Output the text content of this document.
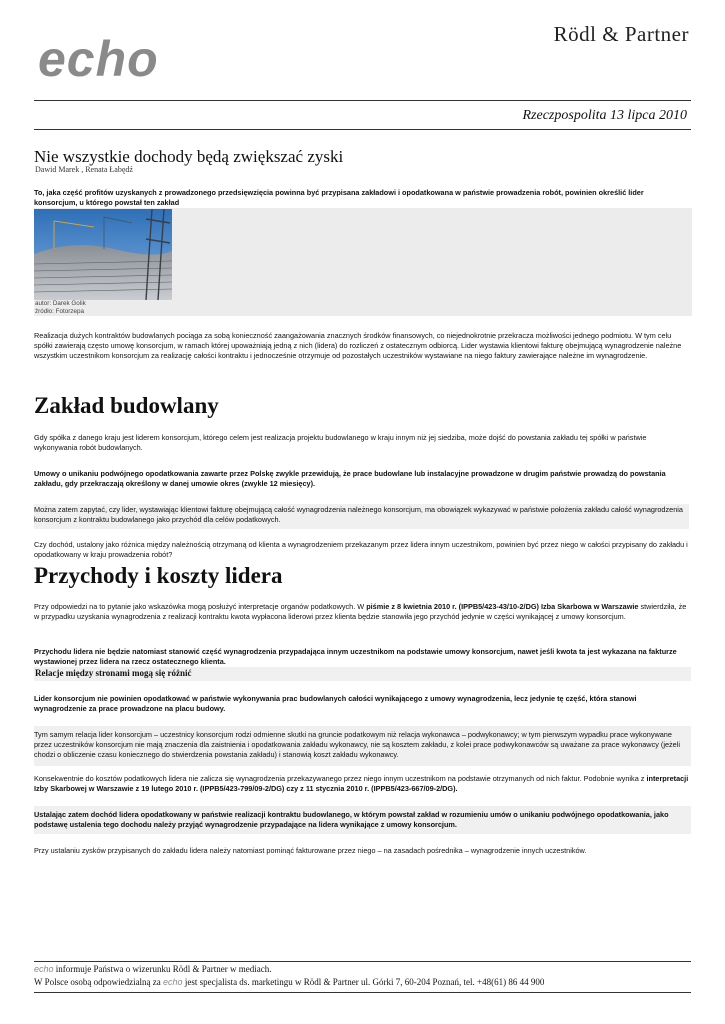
echo	Rödl & Partner
Rzeczpospolita 13 lipca 2010
Nie wszystkie dochody będą zwiększać zyski
Dawid Marek , Renata Łabędź

To, jaka część profitów uzyskanych z prowadzonego przedsięwzięcia powinna być przypisana zakładowi i opodatkowana w państwie prowadzenia robót, powinien określić lider konsorcjum, u którego powstał ten zakład

autor: Darek Golik
źródło: Fotorzepa

Realizacja dużych kontraktów budowlanych pociąga za sobą konieczność zaangażowania znacznych środków finansowych, co niejednokrotnie przekracza możliwości jednego podmiotu. W tym celu spółki zawierają często umowę konsorcjum, w ramach której upoważniają jedną z nich (lidera) do rozliczeń z ostatecznym odbiorcą. Lider wystawia klientowi fakturę obejmującą wynagrodzenie należne wszystkim uczestnikom konsorcjum za realizację całości kontraktu i jednocześnie otrzymuje od pozostałych uczestników wystawiane na niego faktury zawierające należne im wynagrodzenie.

Zakład budowlany

Gdy spółka z danego kraju jest liderem konsorcjum, którego celem jest realizacja projektu budowlanego w kraju innym niż jej siedziba, może dojść do powstania zakładu tej spółki w państwie wykonywania robót budowlanych.

Umowy o unikaniu podwójnego opodatkowania zawarte przez Polskę zwykle przewidują, że prace budowlane lub instalacyjne prowadzone w drugim państwie prowadzą do powstania zakładu, gdy przekraczają określony w danej umowie okres (zwykle 12 miesięcy).

Można zatem zapytać, czy lider, wystawiając klientowi fakturę obejmującą całość wynagrodzenia należnego konsorcjum, ma obowiązek wykazywać w państwie położenia zakładu całość wynagrodzenia konsorcjum z kontraktu budowlanego jako przychód dla celów podatkowych.

Czy dochód, ustalony jako różnica między należnością otrzymaną od klienta a wynagrodzeniem przekazanym przez lidera innym uczestnikom, powinien być przez niego w całości przypisany do zakładu i opodatkowany w kraju prowadzenia robót?

Przychody i koszty lidera

Przy odpowiedzi na to pytanie jako wskazówka mogą posłużyć interpretacje organów podatkowych. W piśmie z 8 kwietnia 2010 r. (IPPB5/423-43/10-2/DG) Izba Skarbowa w Warszawie stwierdziła, że w przypadku uzyskania wynagrodzenia z realizacji kontraktu kwota wypłacona liderowi przez klienta będzie stanowiła jego przychód jedynie w części wynikającej z umowy konsorcjum.

Przychodu lidera nie będzie natomiast stanowić część wynagrodzenia przypadająca innym uczestnikom na podstawie umowy konsorcjum, nawet jeśli kwota ta jest wykazana na fakturze wystawionej przez lidera na rzecz ostatecznego klienta.

Relacje między stronami mogą się różnić

Lider konsorcjum nie powinien opodatkować w państwie wykonywania prac budowlanych całości wynikającego z umowy wynagrodzenia, lecz jedynie tę część, która stanowi wynagrodzenie za prace prowadzone na placu budowy.

Tym samym relacja lider konsorcjum – uczestnicy konsorcjum rodzi odmienne skutki na gruncie podatkowym niż relacja wykonawca – podwykonawcy; w tym pierwszym wypadku prace wykonywane przez uczestników konsorcjum nie mają znaczenia dla zaistnienia i opodatkowania zakładu wykonawcy, nie są kosztem zakładu, z kolei prace podwykonawców są uważane za prace wykonawcy (jeżeli chodzi o obliczenie czasu koniecznego do stwierdzenia powstania zakładu) i stanowią koszt zakładu wykonawcy.

Konsekwentnie do kosztów podatkowych lidera nie zalicza się wynagrodzenia przekazywanego przez niego innym uczestnikom na podstawie otrzymanych od nich faktur. Podobnie wynika z interpretacji Izby Skarbowej w Warszawie z 19 lutego 2010 r. (IPPB5/423-799/09-2/DG) czy z 11 stycznia 2010 r. (IPPB5/423-667/09-2/DG).

Ustalając zatem dochód lidera opodatkowany w państwie realizacji kontraktu budowlanego, w którym powstał zakład w rozumieniu umów o unikaniu podwójnego opodatkowania, jako podstawę ustalenia tego dochodu należy przyjąć wynagrodzenie przypadające na lidera wynikające z umowy konsorcjum.

Przy ustalaniu zysków przypisanych do zakładu lidera należy natomiast pominąć fakturowane przez niego – na zasadach pośrednika – wynagrodzenie innych uczestników.

echo informuje Państwa o wizerunku Rödl & Partner w mediach.
W Polsce osobą odpowiedzialną za echo jest specjalista ds. marketingu w Rödl & Partner ul. Górki 7, 60-204 Poznań, tel. +48(61) 86 44 900
